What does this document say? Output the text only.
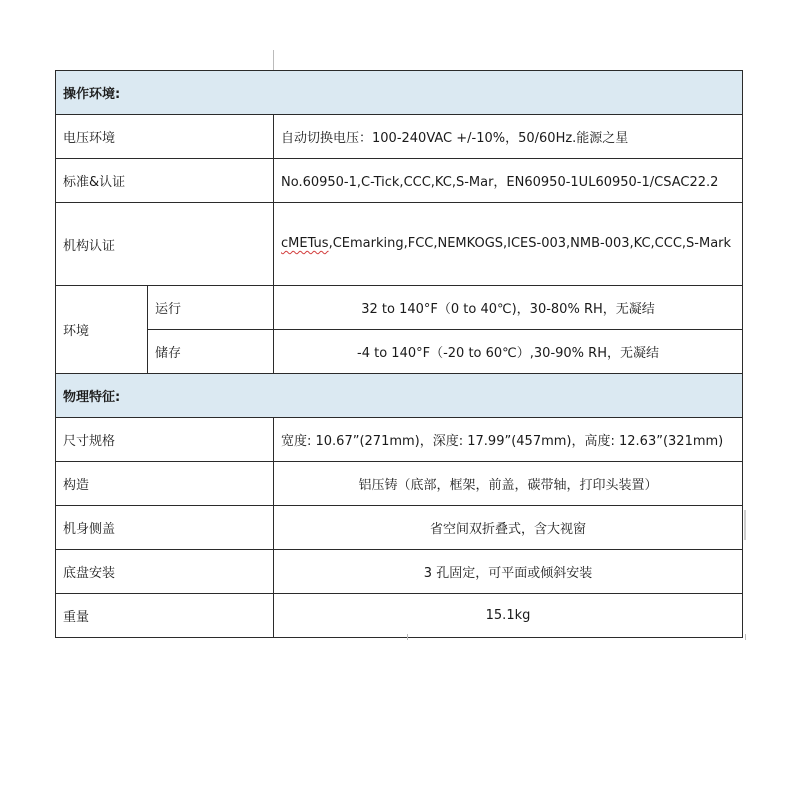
操作环境:		
电压环境		自动切换电压：100-240VAC +/-10%，50/60Hz.能源之星
标准&认证		No.60950-1,C-Tick,CCC,KC,S-Mar，EN60950-1UL60950-1/CSAC22.2
机构认证		cMETus,CEmarking,FCC,NEMKOGS,ICES-003,NMB-003,KC,CCC,S-Mark
环境	运行	32 to 140°F（0 to 40℃)，30-80% RH，无凝结
	储存	-4 to 140°F（-20 to 60℃）,30-90% RH，无凝结
物理特征:		
尺寸规格		宽度: 10.67”(271mm)，深度: 17.99”(457mm)，高度: 12.63”(321mm)
构造		铝压铸（底部，框架，前盖，碳带轴，打印头装置）
机身侧盖		省空间双折叠式，含大视窗
底盘安装		3 孔固定，可平面或倾斜安装
重量		15.1kg
